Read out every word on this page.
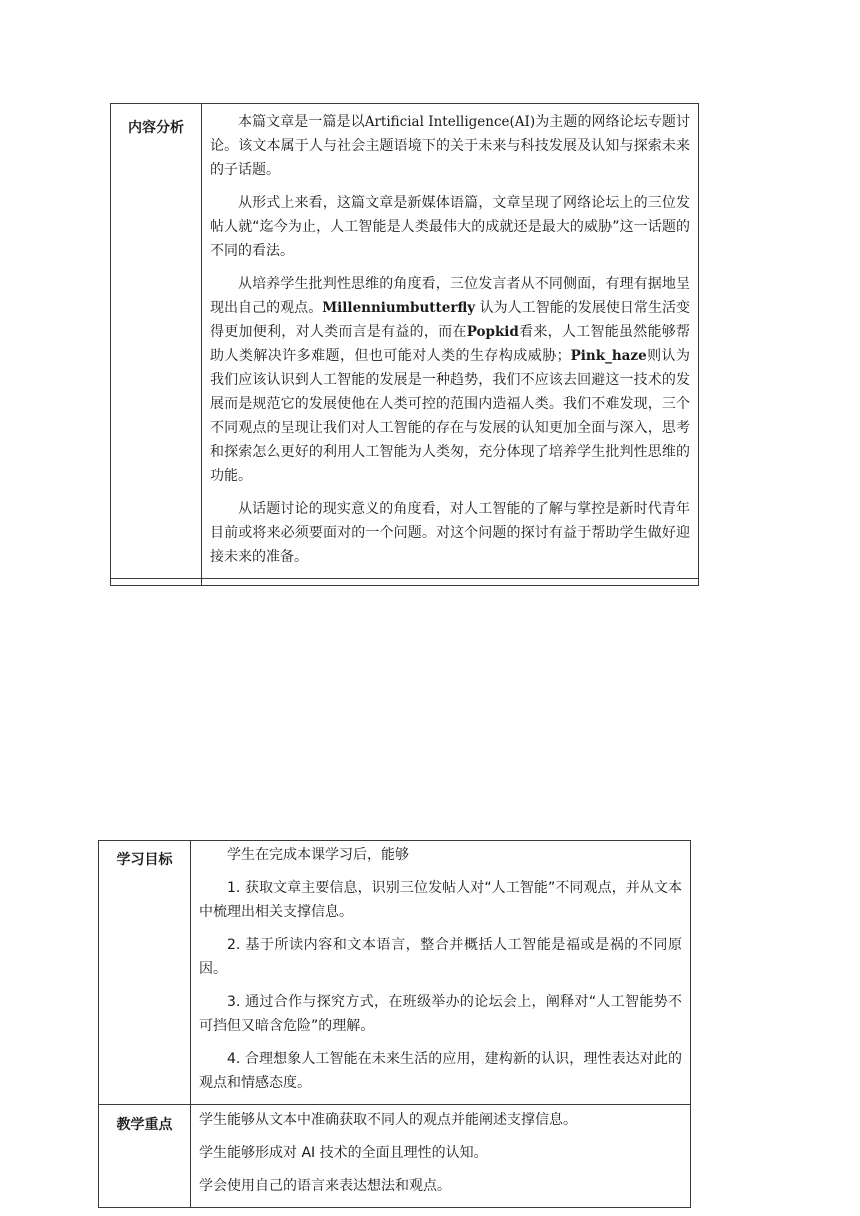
内容分析	本篇文章是一篇是以Artificial Intelligence(AI)为主题的网络论坛专题讨论。该文本属于人与社会主题语境下的关于未来与科技发展及认知与探索未来的子话题。

从形式上来看，这篇文章是新媒体语篇，文章呈现了网络论坛上的三位发帖人就“迄今为止，人工智能是人类最伟大的成就还是最大的威胁”这一话题的不同的看法。

从培养学生批判性思维的角度看，三位发言者从不同侧面，有理有据地呈现出自己的观点。Millenniumbutterfly 认为人工智能的发展使日常生活变得更加便利，对人类而言是有益的，而在Popkid看来，人工智能虽然能够帮助人类解决许多难题，但也可能对人类的生存构成威胁；Pink_haze则认为我们应该认识到人工智能的发展是一种趋势，我们不应该去回避这一技术的发展而是规范它的发展使他在人类可控的范围内造福人类。我们不难发现，三个不同观点的呈现让我们对人工智能的存在与发展的认知更加全面与深入，思考和探索怎么更好的利用人工智能为人类匆，充分体现了培养学生批判性思维的功能。

从话题讨论的现实意义的角度看，对人工智能的了解与掌控是新时代青年目前或将来必须要面对的一个问题。对这个问题的探讨有益于帮助学生做好迎接未来的准备。

学习目标	学生在完成本课学习后，能够

1. 获取文章主要信息，识别三位发帖人对“人工智能”不同观点，并从文本中梳理出相关支撑信息。

2. 基于所读内容和文本语言，整合并概括人工智能是福或是祸的不同原因。

3. 通过合作与探究方式，在班级举办的论坛会上，阐释对“人工智能势不可挡但又暗含危险”的理解。

4. 合理想象人工智能在未来生活的应用，建构新的认识，理性表达对此的观点和情感态度。

教学重点	学生能够从文本中准确获取不同人的观点并能阐述支撑信息。

学生能够形成对 AI 技术的全面且理性的认知。

学会使用自己的语言来表达想法和观点。
